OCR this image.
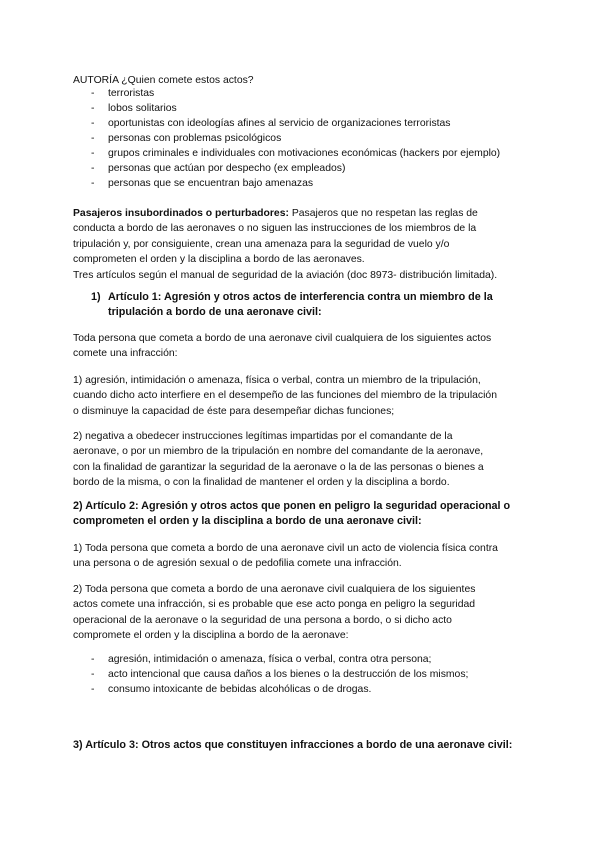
AUTORÍA ¿Quien comete estos actos?
- terroristas
- lobos solitarios
- oportunistas con ideologías afines al servicio de organizaciones terroristas
- personas con problemas psicológicos
- grupos criminales e individuales con motivaciones económicas (hackers por ejemplo)
- personas que actúan por despecho (ex empleados)
- personas que se encuentran bajo amenazas
Pasajeros insubordinados o perturbadores: Pasajeros que no respetan las reglas de
conducta a bordo de las aeronaves o no siguen las instrucciones de los miembros de la
tripulación y, por consiguiente, crean una amenaza para la seguridad de vuelo y/o
comprometen el orden y la disciplina a bordo de las aeronaves.
Tres artículos según el manual de seguridad de la aviación (doc 8973- distribución limitada).
1) Artículo 1: Agresión y otros actos de interferencia contra un miembro de la
tripulación a bordo de una aeronave civil:
Toda persona que cometa a bordo de una aeronave civil cualquiera de los siguientes actos
comete una infracción:
1) agresión, intimidación o amenaza, física o verbal, contra un miembro de la tripulación,
cuando dicho acto interfiere en el desempeño de las funciones del miembro de la tripulación
o disminuye la capacidad de éste para desempeñar dichas funciones;
2) negativa a obedecer instrucciones legítimas impartidas por el comandante de la
aeronave, o por un miembro de la tripulación en nombre del comandante de la aeronave,
con la finalidad de garantizar la seguridad de la aeronave o la de las personas o bienes a
bordo de la misma, o con la finalidad de mantener el orden y la disciplina a bordo.
2) Artículo 2: Agresión y otros actos que ponen en peligro la seguridad operacional o
comprometen el orden y la disciplina a bordo de una aeronave civil:
1) Toda persona que cometa a bordo de una aeronave civil un acto de violencia física contra
una persona o de agresión sexual o de pedofilia comete una infracción.
2) Toda persona que cometa a bordo de una aeronave civil cualquiera de los siguientes
actos comete una infracción, si es probable que ese acto ponga en peligro la seguridad
operacional de la aeronave o la seguridad de una persona a bordo, o si dicho acto
compromete el orden y la disciplina a bordo de la aeronave:
- agresión, intimidación o amenaza, física o verbal, contra otra persona;
- acto intencional que causa daños a los bienes o la destrucción de los mismos;
- consumo intoxicante de bebidas alcohólicas o de drogas.
3) Artículo 3: Otros actos que constituyen infracciones a bordo de una aeronave civil:
